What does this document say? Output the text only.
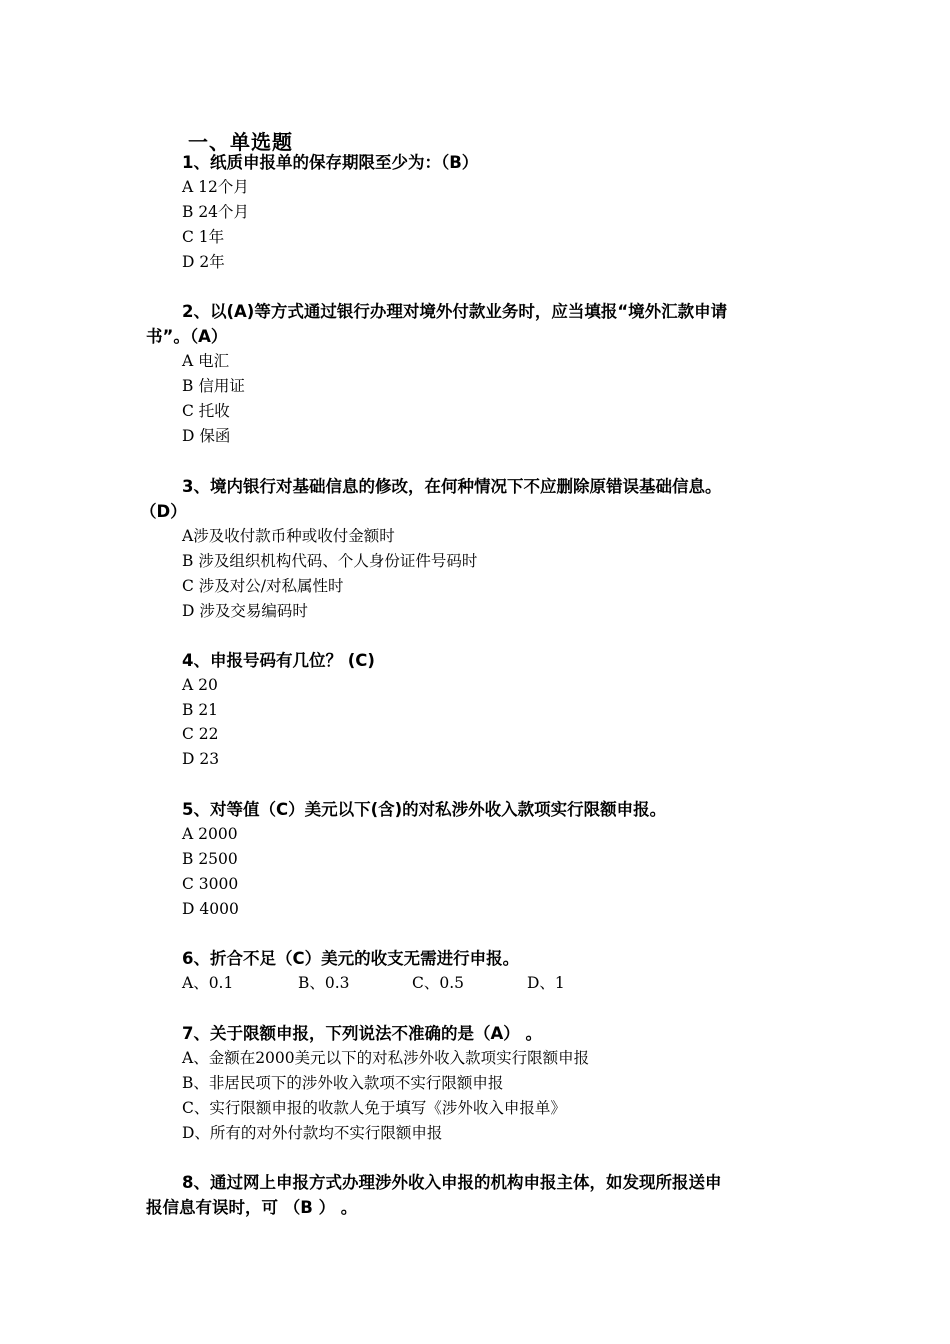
一、单选题
1、纸质申报单的保存期限至少为：（B）
A 12个月
B 24个月
C 1年
D 2年
2、以(A)等方式通过银行办理对境外付款业务时，应当填报“境外汇款申请
书”。（A）
A 电汇
B 信用证
C 托收
D 保函
3、境内银行对基础信息的修改，在何种情况下不应删除原错误基础信息。
（D）
A涉及收付款币种或收付金额时
B 涉及组织机构代码、个人身份证件号码时
C 涉及对公/对私属性时
D 涉及交易编码时
4、申报号码有几位？ (C)
A 20
B 21
C 22
D 23
5、对等值（C）美元以下(含)的对私涉外收入款项实行限额申报。
A 2000
B 2500
C 3000
D 4000
6、折合不足（C）美元的收支无需进行申报。
A、0.1	B、0.3	C、0.5	D、1
7、关于限额申报，下列说法不准确的是（A） 。
A、金额在2000美元以下的对私涉外收入款项实行限额申报
B、非居民项下的涉外收入款项不实行限额申报
C、实行限额申报的收款人免于填写《涉外收入申报单》
D、所有的对外付款均不实行限额申报
8、通过网上申报方式办理涉外收入申报的机构申报主体，如发现所报送申
报信息有误时，可 （B ） 。
